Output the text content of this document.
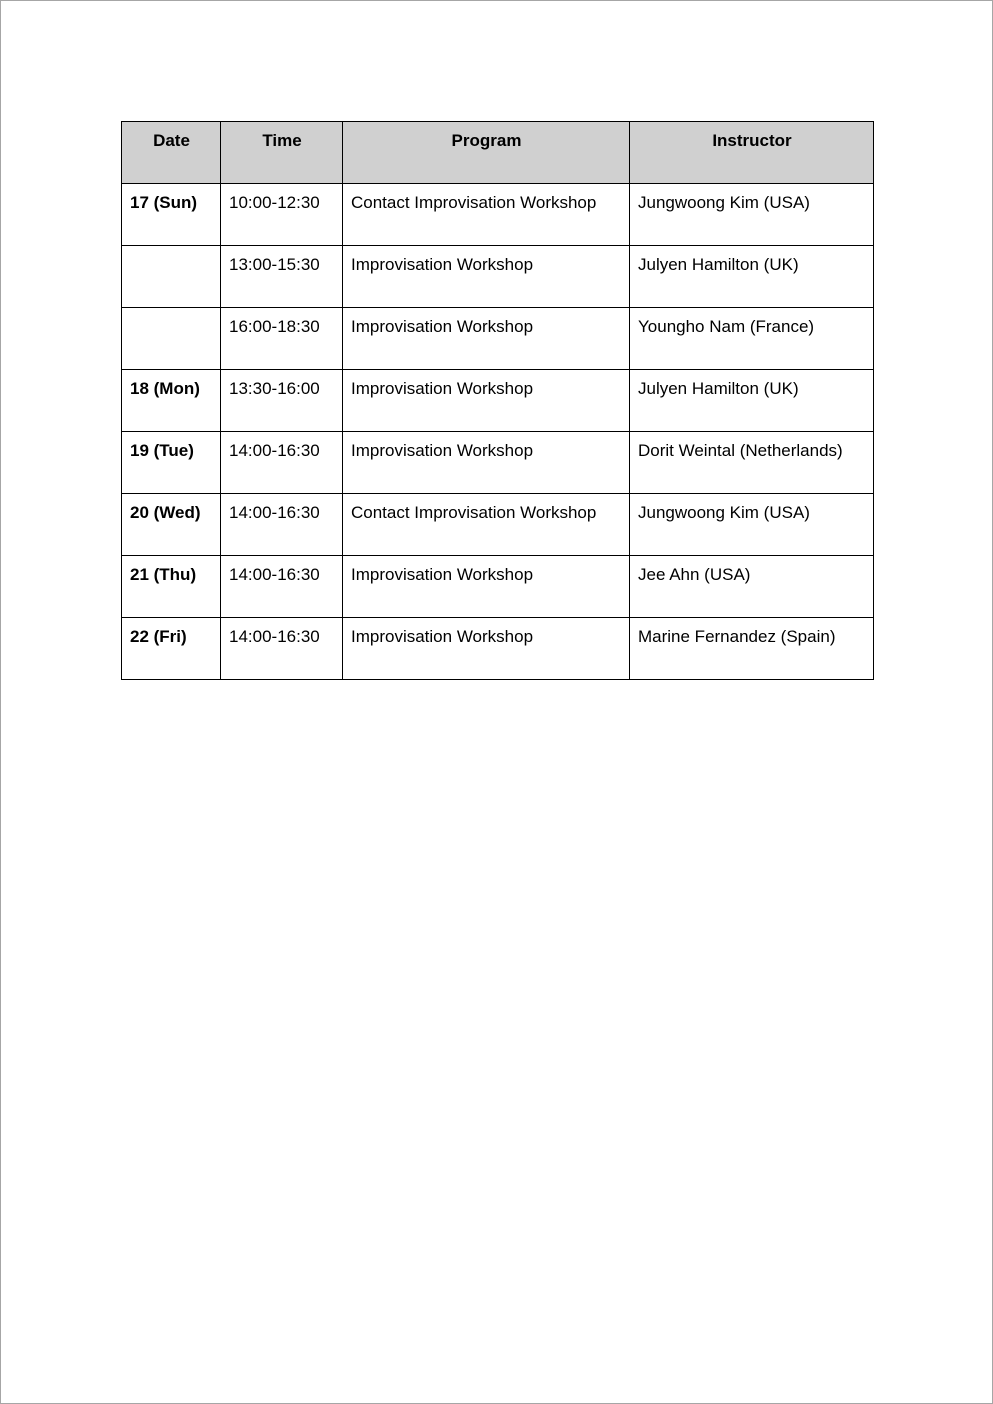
Date	Time	Program	Instructor
17 (Sun)	10:00-12:30	Contact Improvisation Workshop	Jungwoong Kim (USA)
	13:00-15:30	Improvisation Workshop	Julyen Hamilton (UK)
	16:00-18:30	Improvisation Workshop	Youngho Nam (France)
18 (Mon)	13:30-16:00	Improvisation Workshop	Julyen Hamilton (UK)
19 (Tue)	14:00-16:30	Improvisation Workshop	Dorit Weintal (Netherlands)
20 (Wed)	14:00-16:30	Contact Improvisation Workshop	Jungwoong Kim (USA)
21 (Thu)	14:00-16:30	Improvisation Workshop	Jee Ahn (USA)
22 (Fri)	14:00-16:30	Improvisation Workshop	Marine Fernandez (Spain)
